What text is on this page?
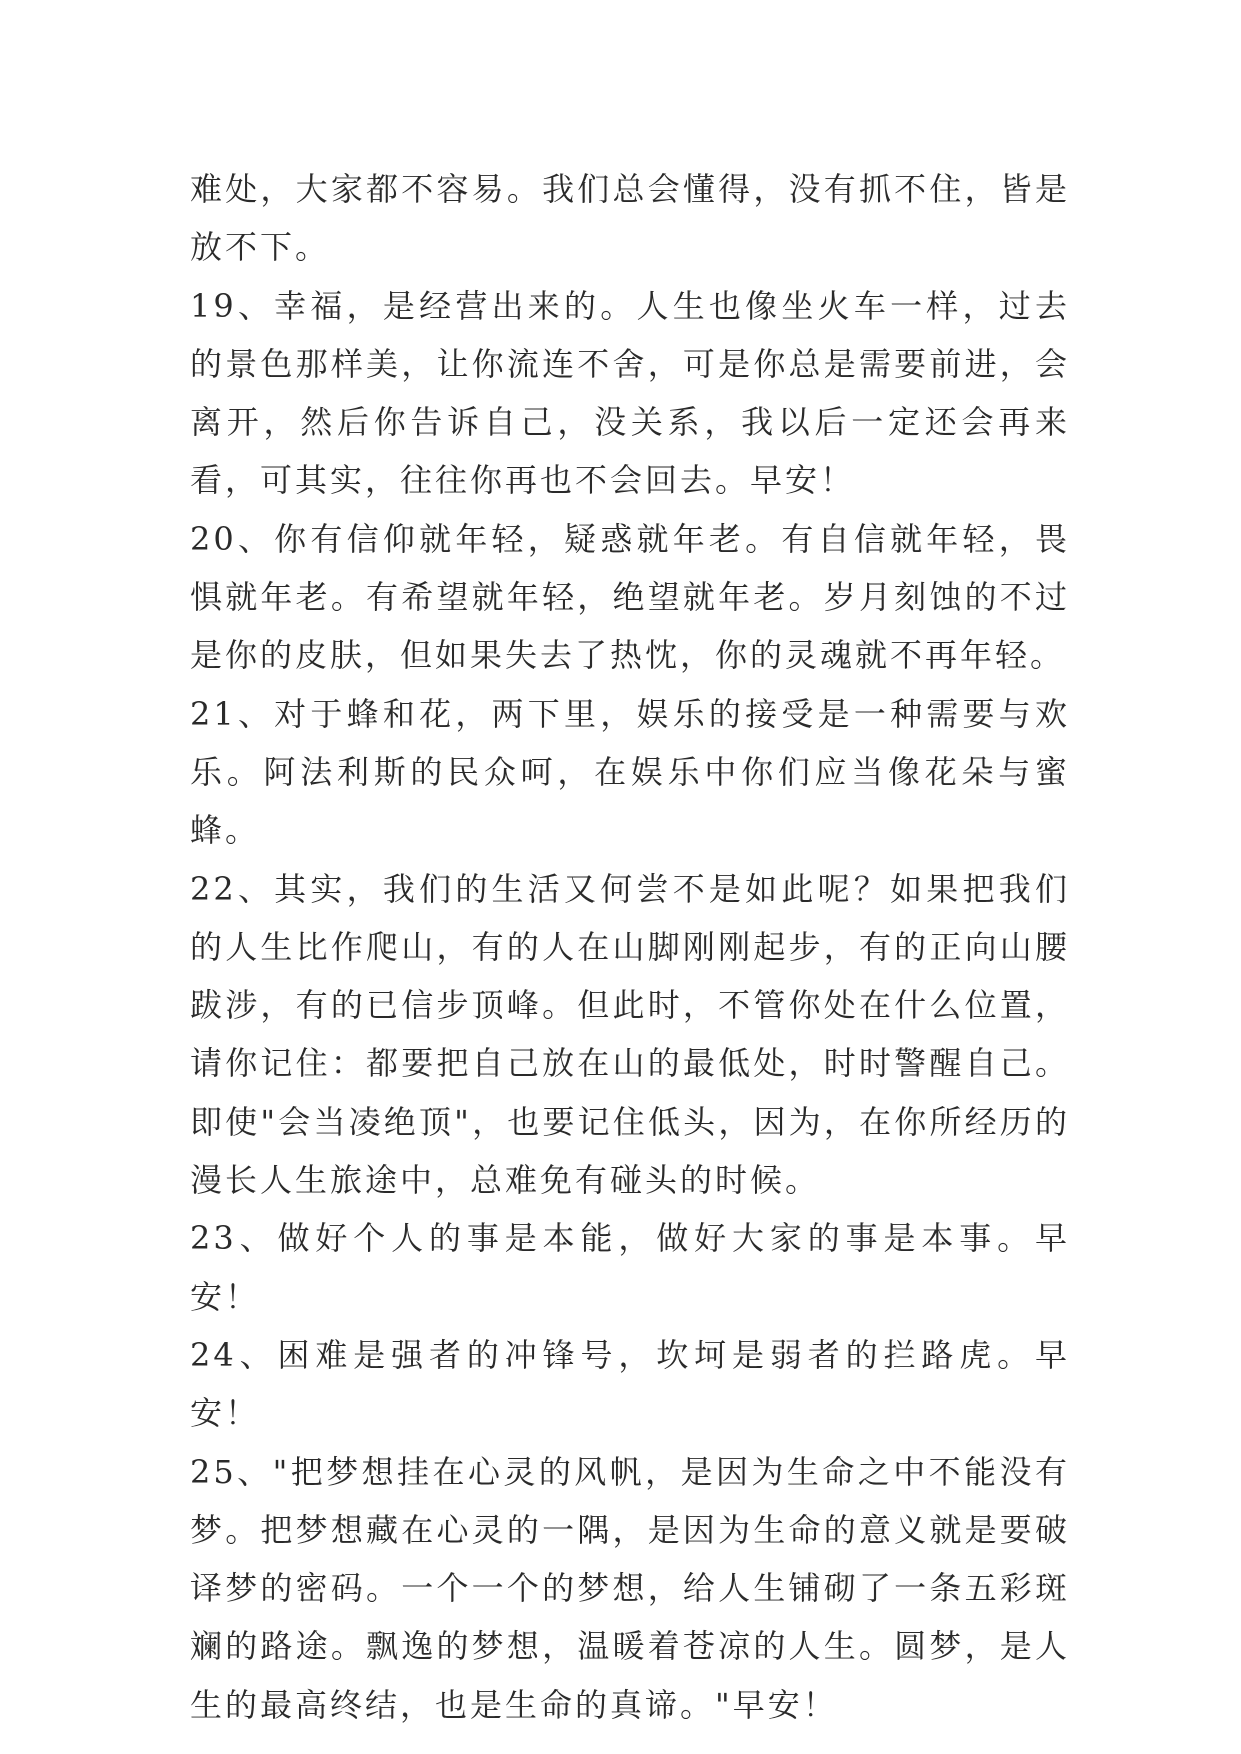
难处，大家都不容易。我们总会懂得，没有抓不住，皆是放不下。

19、幸福，是经营出来的。人生也像坐火车一样，过去的景色那样美，让你流连不舍，可是你总是需要前进，会离开，然后你告诉自己，没关系，我以后一定还会再来看，可其实，往往你再也不会回去。早安！

20、你有信仰就年轻，疑惑就年老。有自信就年轻，畏惧就年老。有希望就年轻，绝望就年老。岁月刻蚀的不过是你的皮肤，但如果失去了热忱，你的灵魂就不再年轻。

21、对于蜂和花，两下里，娱乐的接受是一种需要与欢乐。阿法利斯的民众呵，在娱乐中你们应当像花朵与蜜蜂。

22、其实，我们的生活又何尝不是如此呢？如果把我们的人生比作爬山，有的人在山脚刚刚起步，有的正向山腰跋涉，有的已信步顶峰。但此时，不管你处在什么位置，请你记住：都要把自己放在山的最低处，时时警醒自己。即使"会当凌绝顶"，也要记住低头，因为，在你所经历的漫长人生旅途中，总难免有碰头的时候。

23、做好个人的事是本能，做好大家的事是本事。早安！

24、困难是强者的冲锋号，坎坷是弱者的拦路虎。早安！

25、"把梦想挂在心灵的风帆，是因为生命之中不能没有梦。把梦想藏在心灵的一隅，是因为生命的意义就是要破译梦的密码。一个一个的梦想，给人生铺砌了一条五彩斑斓的路途。飘逸的梦想，温暖着苍凉的人生。圆梦，是人生的最高终结，也是生命的真谛。"早安！
